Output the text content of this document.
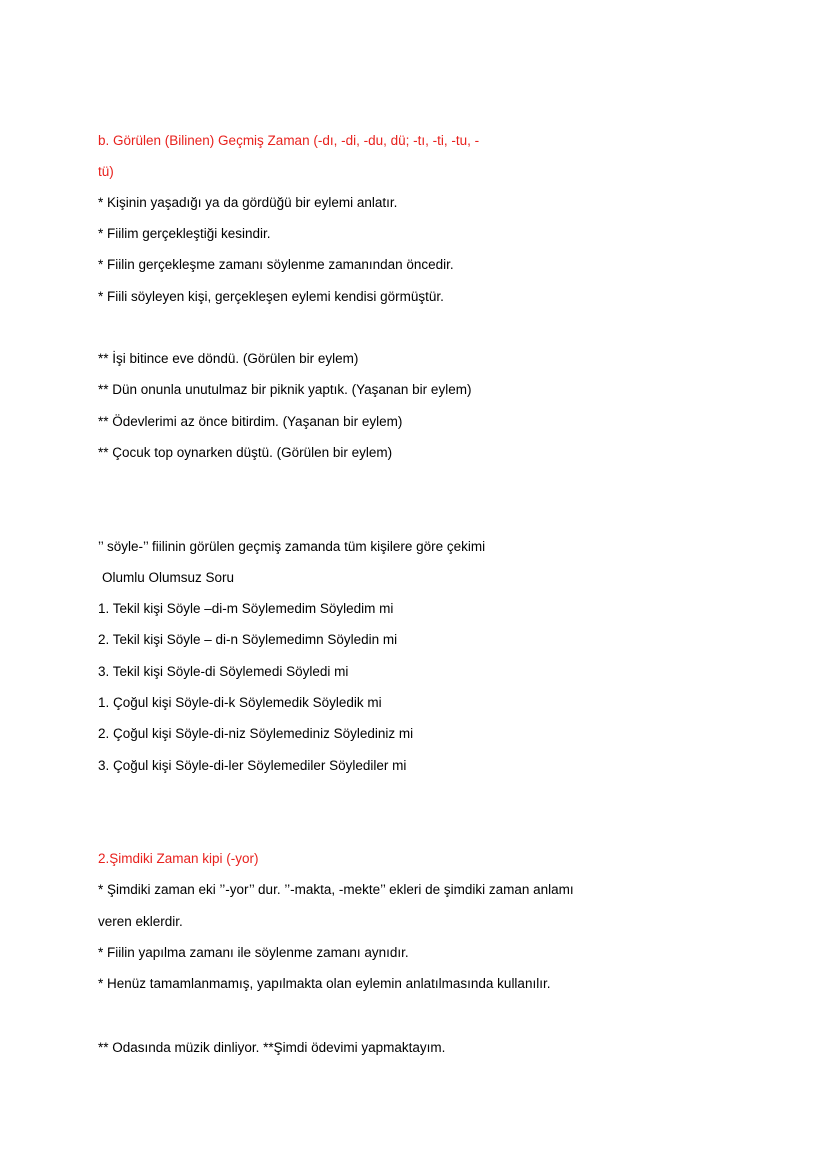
b. Görülen (Bilinen) Geçmiş Zaman (-dı, -di, -du, dü; -tı, -ti, -tu, -
tü)
* Kişinin yaşadığı ya da gördüğü bir eylemi anlatır.
* Fiilim gerçekleştiği kesindir.
* Fiilin gerçekleşme zamanı söylenme zamanından öncedir.
* Fiili söyleyen kişi, gerçekleşen eylemi kendisi görmüştür.
** İşi bitince eve döndü. (Görülen bir eylem)
** Dün onunla unutulmaz bir piknik yaptık. (Yaşanan bir eylem)
** Ödevlerimi az önce bitirdim. (Yaşanan bir eylem)
** Çocuk top oynarken düştü. (Görülen bir eylem)
’’ söyle-’’ fiilinin görülen geçmiş zamanda tüm kişilere göre çekimi
Olumlu Olumsuz Soru
1. Tekil kişi Söyle –di-m Söylemedim Söyledim mi
2. Tekil kişi Söyle – di-n Söylemedimn Söyledin mi
3. Tekil kişi Söyle-di Söylemedi Söyledi mi
1. Çoğul kişi Söyle-di-k Söylemedik Söyledik mi
2. Çoğul kişi Söyle-di-niz Söylemediniz Söylediniz mi
3. Çoğul kişi Söyle-di-ler Söylemediler Söylediler mi
2.Şimdiki Zaman kipi (-yor)
* Şimdiki zaman eki ’’-yor’’ dur. ’’-makta, -mekte’’ ekleri de şimdiki zaman anlamı
veren eklerdir.
* Fiilin yapılma zamanı ile söylenme zamanı aynıdır.
* Henüz tamamlanmamış, yapılmakta olan eylemin anlatılmasında kullanılır.
** Odasında müzik dinliyor. **Şimdi ödevimi yapmaktayım.
